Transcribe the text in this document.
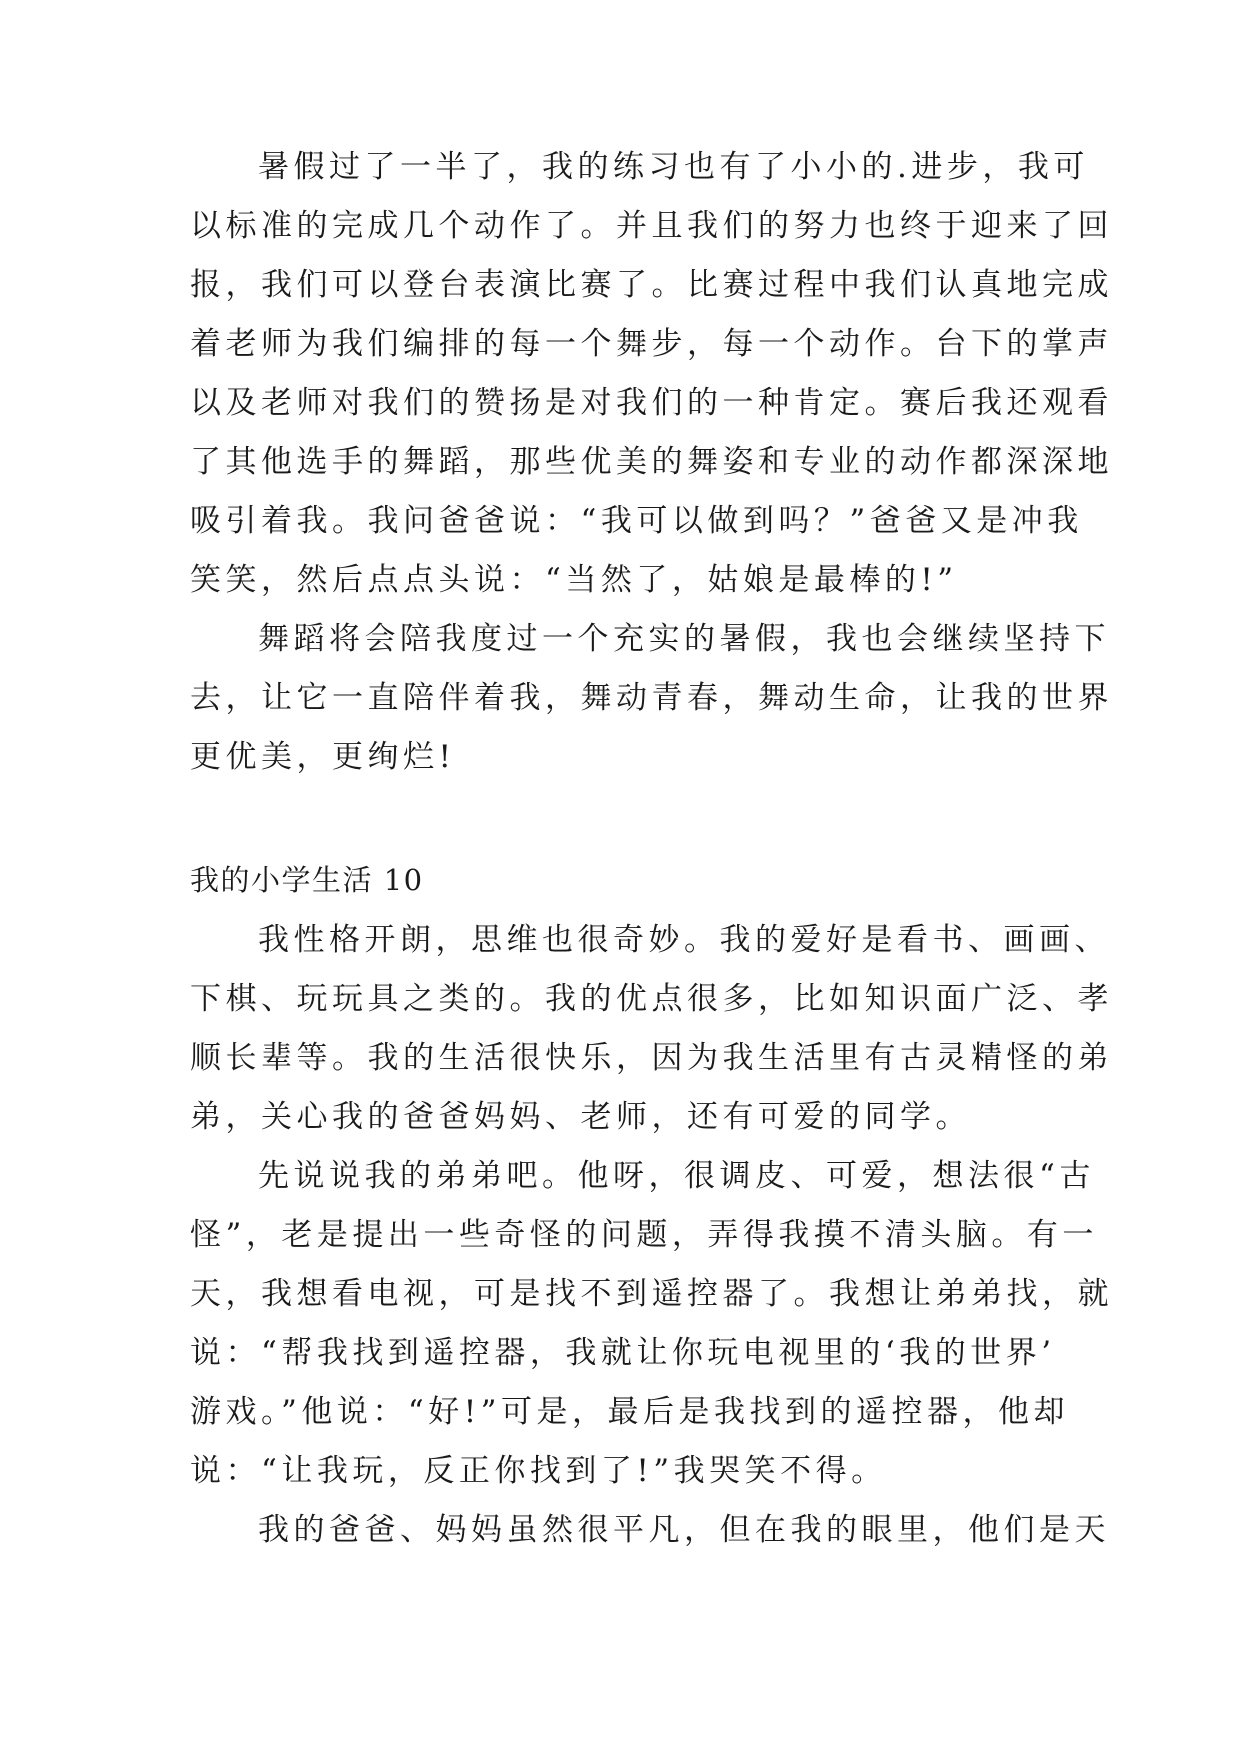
暑假过了一半了，我的练习也有了小小的.进步，我可
以标准的完成几个动作了。并且我们的努力也终于迎来了回
报，我们可以登台表演比赛了。比赛过程中我们认真地完成
着老师为我们编排的每一个舞步，每一个动作。台下的掌声
以及老师对我们的赞扬是对我们的一种肯定。赛后我还观看
了其他选手的舞蹈，那些优美的舞姿和专业的动作都深深地
吸引着我。我问爸爸说：“我可以做到吗？”爸爸又是冲我
笑笑，然后点点头说：“当然了，姑娘是最棒的!”
舞蹈将会陪我度过一个充实的暑假，我也会继续坚持下
去，让它一直陪伴着我，舞动青春，舞动生命，让我的世界
更优美，更绚烂!
我的小学生活 10
我性格开朗，思维也很奇妙。我的爱好是看书、画画、
下棋、玩玩具之类的。我的优点很多，比如知识面广泛、孝
顺长辈等。我的生活很快乐，因为我生活里有古灵精怪的弟
弟，关心我的爸爸妈妈、老师，还有可爱的同学。
先说说我的弟弟吧。他呀，很调皮、可爱，想法很“古
怪”，老是提出一些奇怪的问题，弄得我摸不清头脑。有一
天，我想看电视，可是找不到遥控器了。我想让弟弟找，就
说：“帮我找到遥控器，我就让你玩电视里的‘我的世界’
游戏。”他说：“好!”可是，最后是我找到的遥控器，他却
说：“让我玩，反正你找到了!”我哭笑不得。
我的爸爸、妈妈虽然很平凡，但在我的眼里，他们是天
